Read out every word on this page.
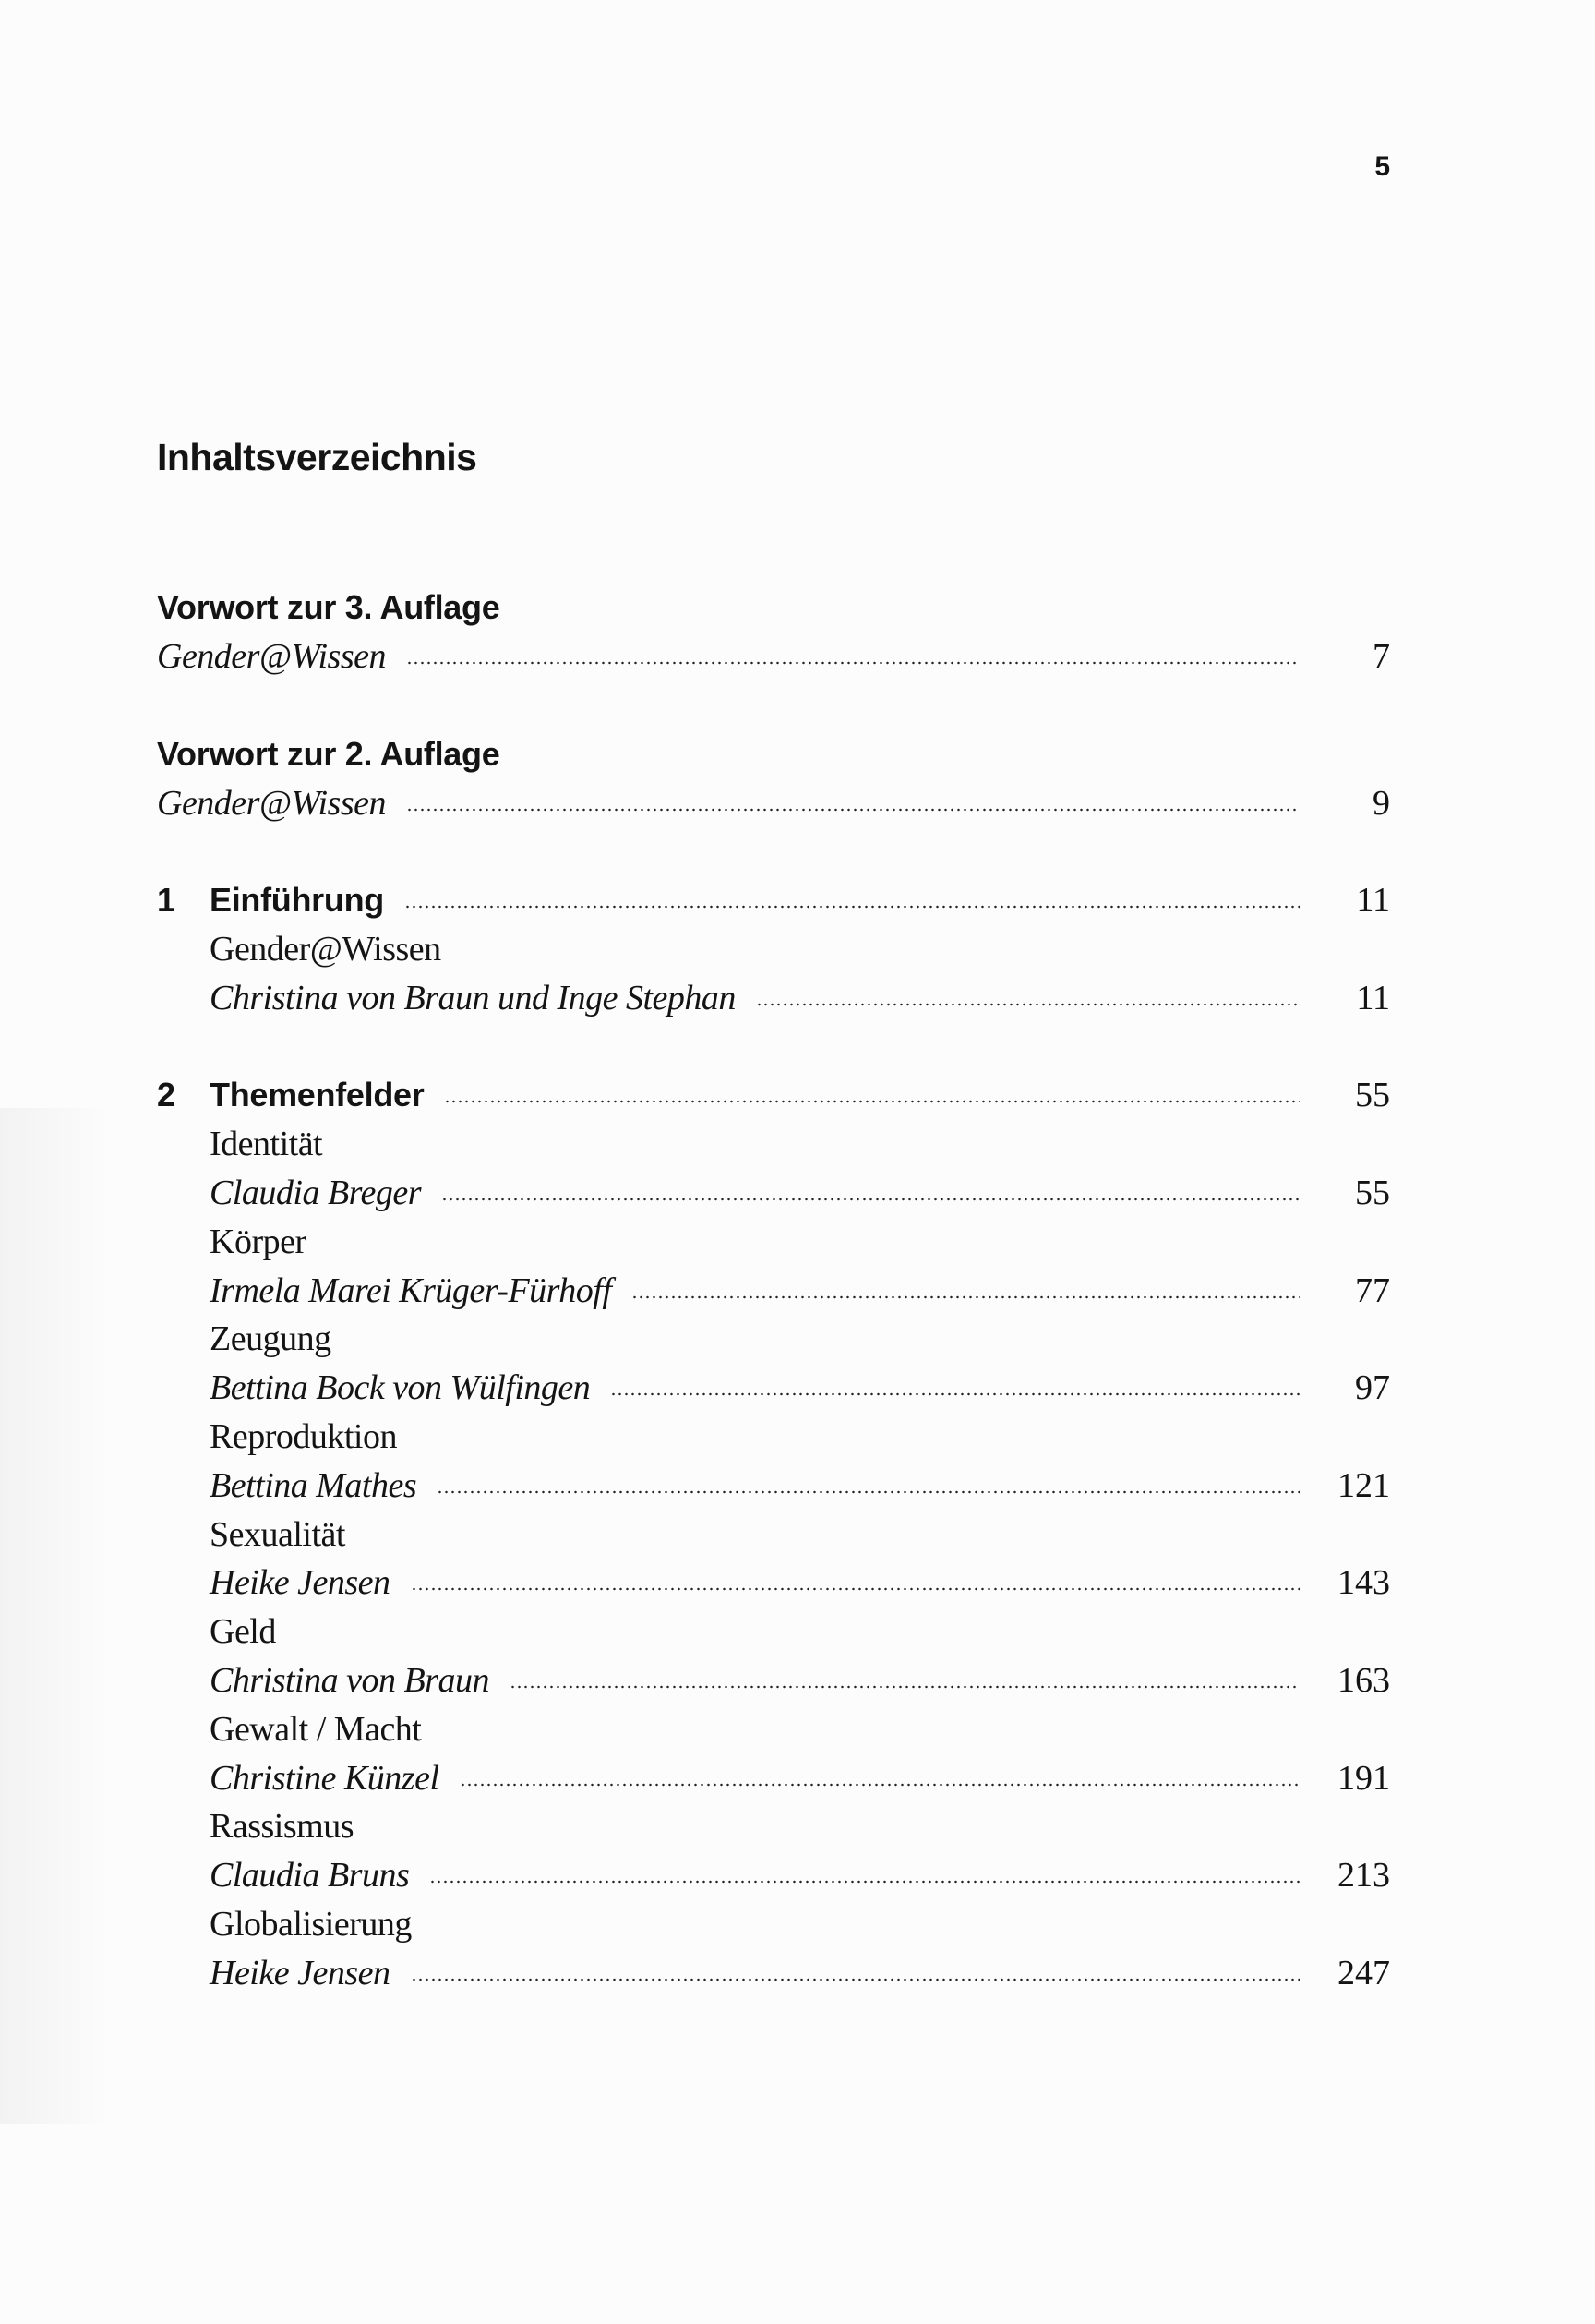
5
Inhaltsverzeichnis
Vorwort zur 3. Auflage
Gender@Wissen	7
Vorwort zur 2. Auflage
Gender@Wissen	9
1	Einführung	11
Gender@Wissen
Christina von Braun und Inge Stephan	11
2	Themenfelder	55
Identität
Claudia Breger	55
Körper
Irmela Marei Krüger-Fürhoff	77
Zeugung
Bettina Bock von Wülfingen	97
Reproduktion
Bettina Mathes	121
Sexualität
Heike Jensen	143
Geld
Christina von Braun	163
Gewalt / Macht
Christine Künzel	191
Rassismus
Claudia Bruns	213
Globalisierung
Heike Jensen	247
